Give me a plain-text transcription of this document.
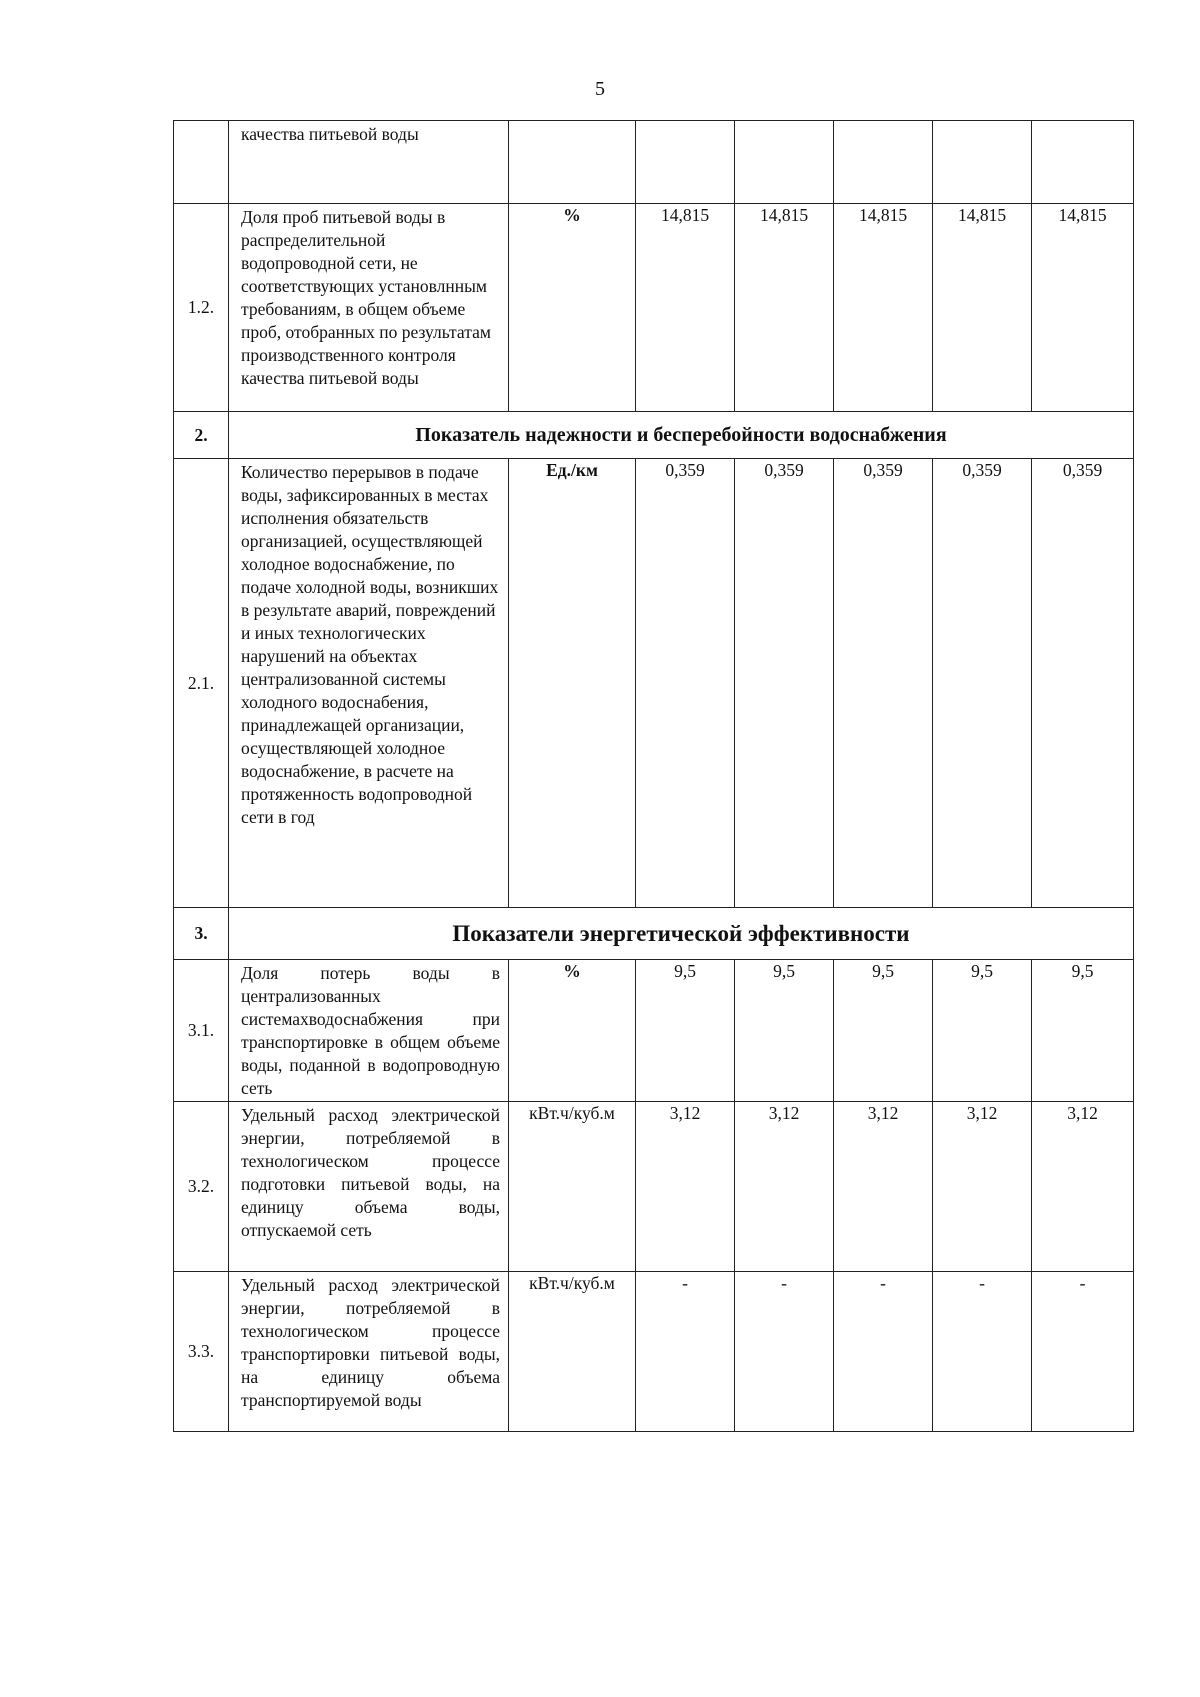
5
	качества питьевой воды						
1.2.	Доля проб питьевой воды в распределительной водопроводной сети, не соответствующих установлнным требованиям, в общем объеме проб, отобранных по результатам производственного контроля качества питьевой воды	%	14,815	14,815	14,815	14,815	14,815
2.	Показатель надежности и бесперебойности водоснабжения						
2.1.	Количество перерывов в подаче воды, зафиксированных в местах исполнения обязательств организацией, осуществляющей холодное водоснабжение, по подаче холодной воды, возникших в результате аварий, повреждений и иных технологических нарушений на объектах централизованной системы холодного водоснабения, принадлежащей организации, осуществляющей холодное водоснабжение, в расчете на протяженность водопроводной сети в год	Ед./км	0,359	0,359	0,359	0,359	0,359
3.	Показатели энергетической эффективности						
3.1.	Доля потерь воды в централизованных системахводоснабжения при транспортировке в общем объеме воды, поданной в водопроводную сеть	%	9,5	9,5	9,5	9,5	9,5
3.2.	Удельный расход электрической энергии, потребляемой в технологическом процессе подготовки питьевой воды, на единицу объема воды, отпускаемой сеть	кВт.ч/куб.м	3,12	3,12	3,12	3,12	3,12
3.3.	Удельный расход электрической энергии, потребляемой в технологическом процессе транспортировки питьевой воды, на единицу объема транспортируемой воды	кВт.ч/куб.м	-	-	-	-	-
